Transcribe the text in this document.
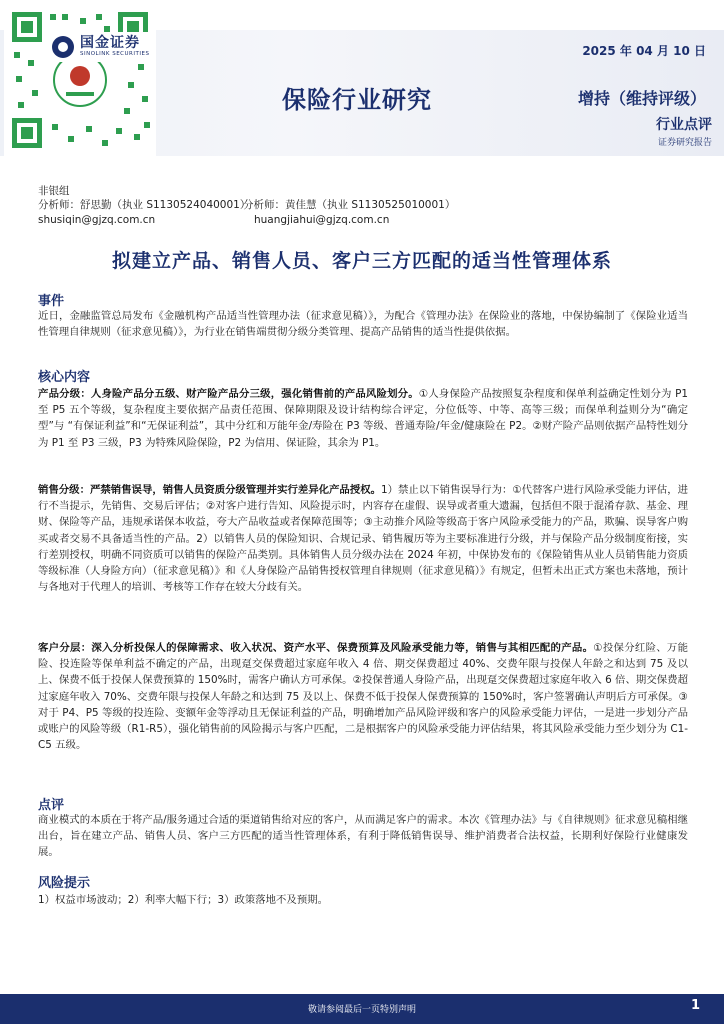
国金证券
SINOLINK SECURITIES	2025 年 04 月 10 日
保险行业研究	增持（维持评级）
行业点评
证券研究报告
非银组
分析师：舒思勤（执业 S1130524040001）
分析师：黄佳慧（执业 S1130525010001）
shusiqin@gjzq.com.cn	huangjiahui@gjzq.com.cn
拟建立产品、销售人员、客户三方匹配的适当性管理体系
事件
近日，金融监管总局发布《金融机构产品适当性管理办法（征求意见稿）》，为配合《管理办法》在保险业的落地，中保协编制了《保险业适当性管理自律规则（征求意见稿）》，为行业在销售端贯彻分级分类管理、提高产品销售的适当性提供依据。
核心内容
产品分级：人身险产品分五级、财产险产品分三级，强化销售前的产品风险划分。①人身保险产品按照复杂程度和保单利益确定性划分为 P1 至 P5 五个等级，复杂程度主要依据产品责任范围、保障期限及设计结构综合评定，分位低等、中等、高等三级；而保单利益则分为“确定型”与 “有保证利益”和“无保证利益”，其中分红和万能年金/寿险在 P3 等级、普通寿险/年金/健康险在 P2。②财产险产品则依据产品特性划分为 P1 至 P3 三级，P3 为特殊风险保险，P2 为信用、保证险，其余为 P1。
销售分级：严禁销售误导，销售人员资质分级管理并实行差异化产品授权。1）禁止以下销售误导行为：①代替客户进行风险承受能力评估，进行不当提示，先销售、交易后评估；②对客户进行告知、风险提示时，内容存在虚假、误导或者重大遗漏，包括但不限于混淆存款、基金、理财、保险等产品，违规承诺保本收益，夸大产品收益或者保障范围等；③主动推介风险等级高于客户风险承受能力的产品，欺骗、误导客户购买或者交易不具备适当性的产品。2）以销售人员的保险知识、合规记录、销售履历等为主要标准进行分级，并与保险产品分级制度衔接，实行差别授权，明确不同资质可以销售的保险产品类别。具体销售人员分级办法在 2024 年初，中保协发布的《保险销售从业人员销售能力资质等级标准（人身险方向）（征求意见稿）》和《人身保险产品销售授权管理自律规则（征求意见稿）》有规定，但暂未出正式方案也未落地，预计与各地对于代理人的培训、考核等工作存在较大分歧有关。
客户分层：深入分析投保人的保障需求、收入状况、资产水平、保费预算及风险承受能力等，销售与其相匹配的产品。①投保分红险、万能险、投连险等保单利益不确定的产品，出现趸交保费超过家庭年收入 4 倍、期交保费超过 40%、交费年限与投保人年龄之和达到 75 及以上、保费不低于投保人保费预算的 150%时，需客户确认方可承保。②投保普通人身险产品，出现趸交保费超过家庭年收入 6 倍、期交保费超过家庭年收入 70%、交费年限与投保人年龄之和达到 75 及以上、保费不低于投保人保费预算的 150%时，客户签署确认声明后方可承保。③对于 P4、P5 等级的投连险、变额年金等浮动且无保证利益的产品，明确增加产品风险评级和客户的风险承受能力评估，一是进一步划分产品或账户的风险等级（R1-R5），强化销售前的风险揭示与客户匹配，二是根据客户的风险承受能力评估结果，将其风险承受能力至少划分为 C1-C5 五级。
点评
商业模式的本质在于将产品/服务通过合适的渠道销售给对应的客户，从而满足客户的需求。本次《管理办法》与《自律规则》征求意见稿相继出台，旨在建立产品、销售人员、客户三方匹配的适当性管理体系，有利于降低销售误导、维护消费者合法权益，长期利好保险行业健康发展。
风险提示
1）权益市场波动；2）利率大幅下行；3）政策落地不及预期。
敬请参阅最后一页特别声明	1
